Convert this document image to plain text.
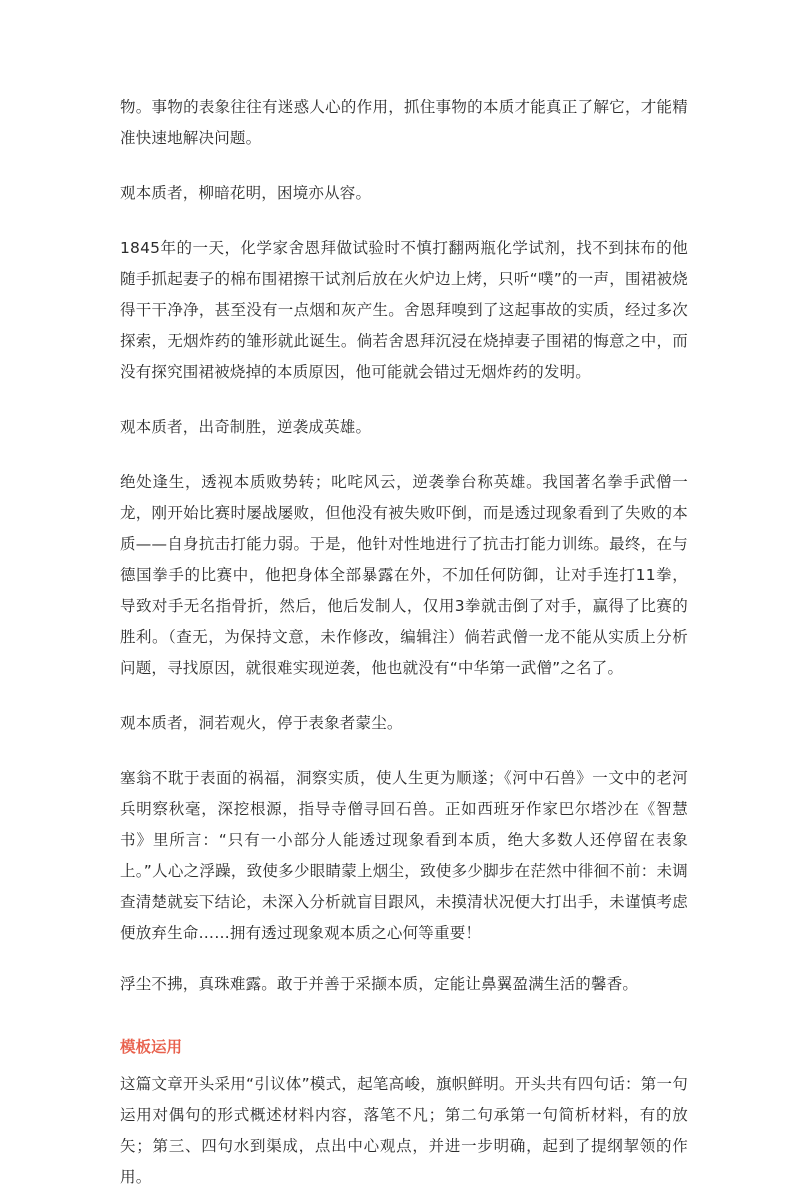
物。事物的表象往往有迷惑人心的作用，抓住事物的本质才能真正了解它，才能精准快速地解决问题。

观本质者，柳暗花明，困境亦从容。

1845年的一天，化学家舍恩拜做试验时不慎打翻两瓶化学试剂，找不到抹布的他随手抓起妻子的棉布围裙擦干试剂后放在火炉边上烤，只听“噗”的一声，围裙被烧得干干净净，甚至没有一点烟和灰产生。舍恩拜嗅到了这起事故的实质，经过多次探索，无烟炸药的雏形就此诞生。倘若舍恩拜沉浸在烧掉妻子围裙的悔意之中，而没有探究围裙被烧掉的本质原因，他可能就会错过无烟炸药的发明。

观本质者，出奇制胜，逆袭成英雄。

绝处逢生，透视本质败势转；叱咤风云，逆袭拳台称英雄。我国著名拳手武僧一龙，刚开始比赛时屡战屡败，但他没有被失败吓倒，而是透过现象看到了失败的本质——自身抗击打能力弱。于是，他针对性地进行了抗击打能力训练。最终，在与德国拳手的比赛中，他把身体全部暴露在外，不加任何防御，让对手连打11拳，导致对手无名指骨折，然后，他后发制人，仅用3拳就击倒了对手，赢得了比赛的胜利。（查无，为保持文意，未作修改，编辑注）倘若武僧一龙不能从实质上分析问题，寻找原因，就很难实现逆袭，他也就没有“中华第一武僧”之名了。

观本质者，洞若观火，停于表象者蒙尘。

塞翁不耽于表面的祸福，洞察实质，使人生更为顺遂；《河中石兽》一文中的老河兵明察秋毫，深挖根源，指导寺僧寻回石兽。正如西班牙作家巴尔塔沙在《智慧书》里所言：“只有一小部分人能透过现象看到本质，绝大多数人还停留在表象上。”人心之浮躁，致使多少眼睛蒙上烟尘，致使多少脚步在茫然中徘徊不前：未调查清楚就妄下结论，未深入分析就盲目跟风，未摸清状况便大打出手，未谨慎考虑便放弃生命……拥有透过现象观本质之心何等重要！

浮尘不拂，真珠难露。敢于并善于采撷本质，定能让鼻翼盈满生活的馨香。

模板运用

这篇文章开头采用“引议体”模式，起笔高峻，旗帜鲜明。开头共有四句话：第一句运用对偶句的形式概述材料内容，落笔不凡；第二句承第一句简析材料，有的放矢；第三、四句水到渠成，点出中心观点，并进一步明确，起到了提纲挈领的作用。
